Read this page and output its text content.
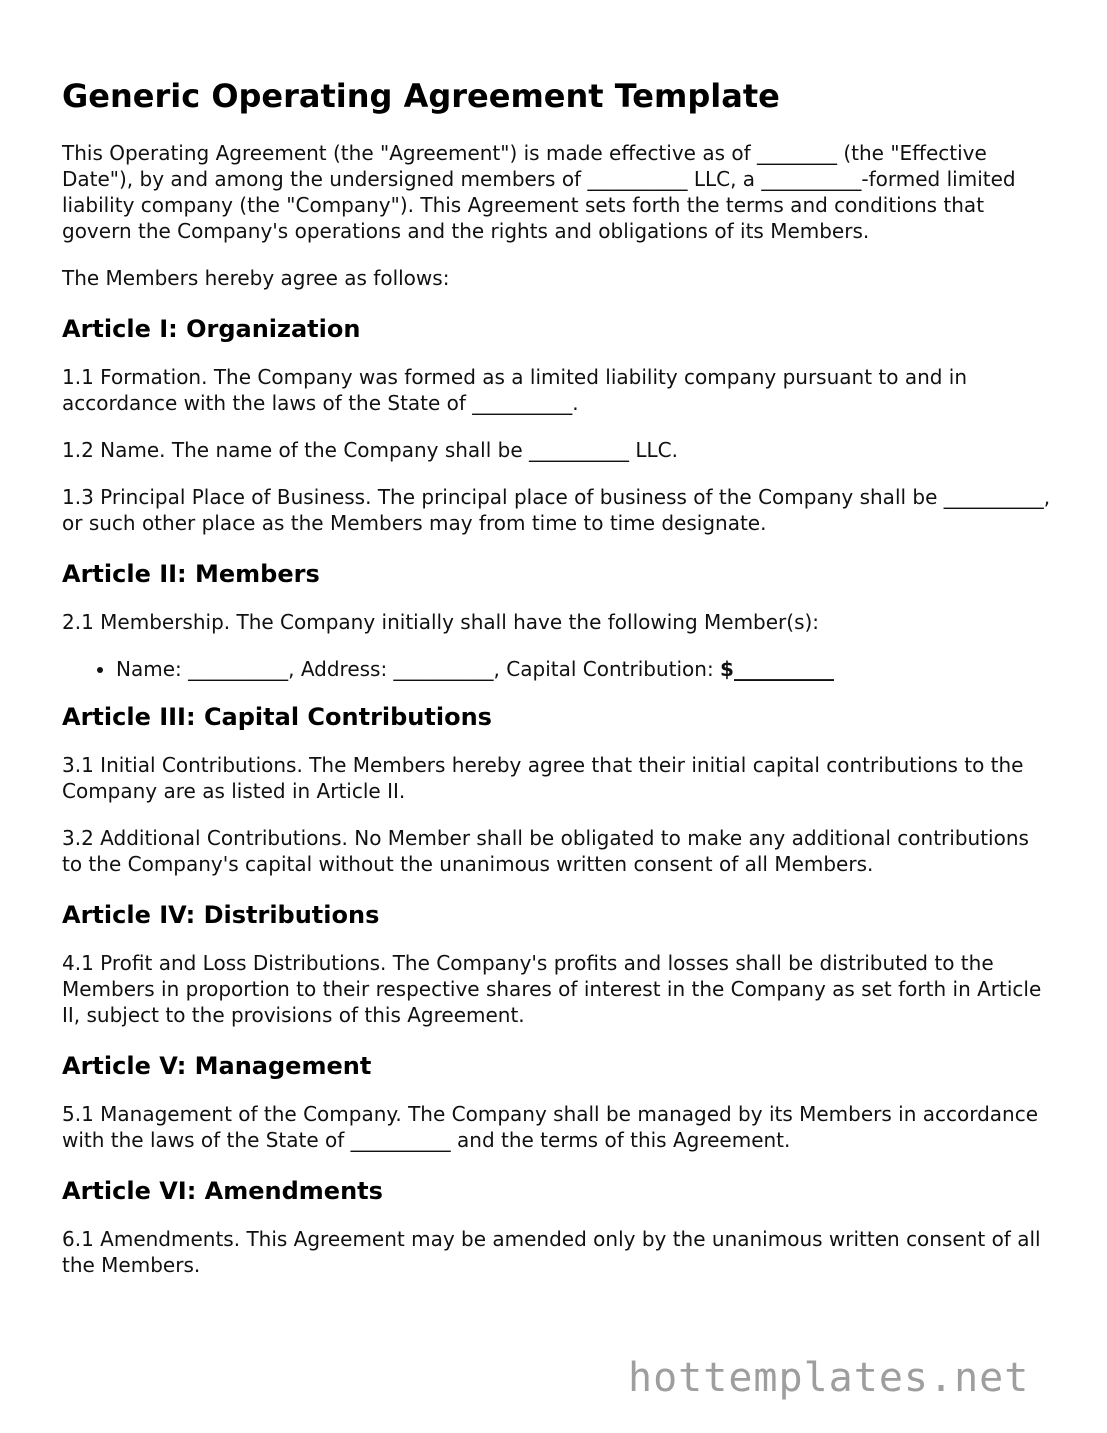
Generic Operating Agreement Template

This Operating Agreement (the "Agreement") is made effective as of ________ (the "Effective Date"), by and among the undersigned members of __________ LLC, a __________-formed limited liability company (the "Company"). This Agreement sets forth the terms and conditions that govern the Company's operations and the rights and obligations of its Members.

The Members hereby agree as follows:

Article I: Organization

1.1 Formation. The Company was formed as a limited liability company pursuant to and in accordance with the laws of the State of __________.

1.2 Name. The name of the Company shall be __________ LLC.

1.3 Principal Place of Business. The principal place of business of the Company shall be __________, or such other place as the Members may from time to time designate.

Article II: Members

2.1 Membership. The Company initially shall have the following Member(s):

• Name: __________, Address: __________, Capital Contribution: $__________
Article III: Capital Contributions

3.1 Initial Contributions. The Members hereby agree that their initial capital contributions to the Company are as listed in Article II.

3.2 Additional Contributions. No Member shall be obligated to make any additional contributions to the Company's capital without the unanimous written consent of all Members.

Article IV: Distributions

4.1 Profit and Loss Distributions. The Company's profits and losses shall be distributed to the Members in proportion to their respective shares of interest in the Company as set forth in Article II, subject to the provisions of this Agreement.

Article V: Management

5.1 Management of the Company. The Company shall be managed by its Members in accordance with the laws of the State of __________ and the terms of this Agreement.

Article VI: Amendments

6.1 Amendments. This Agreement may be amended only by the unanimous written consent of all the Members.

hottemplates.net
